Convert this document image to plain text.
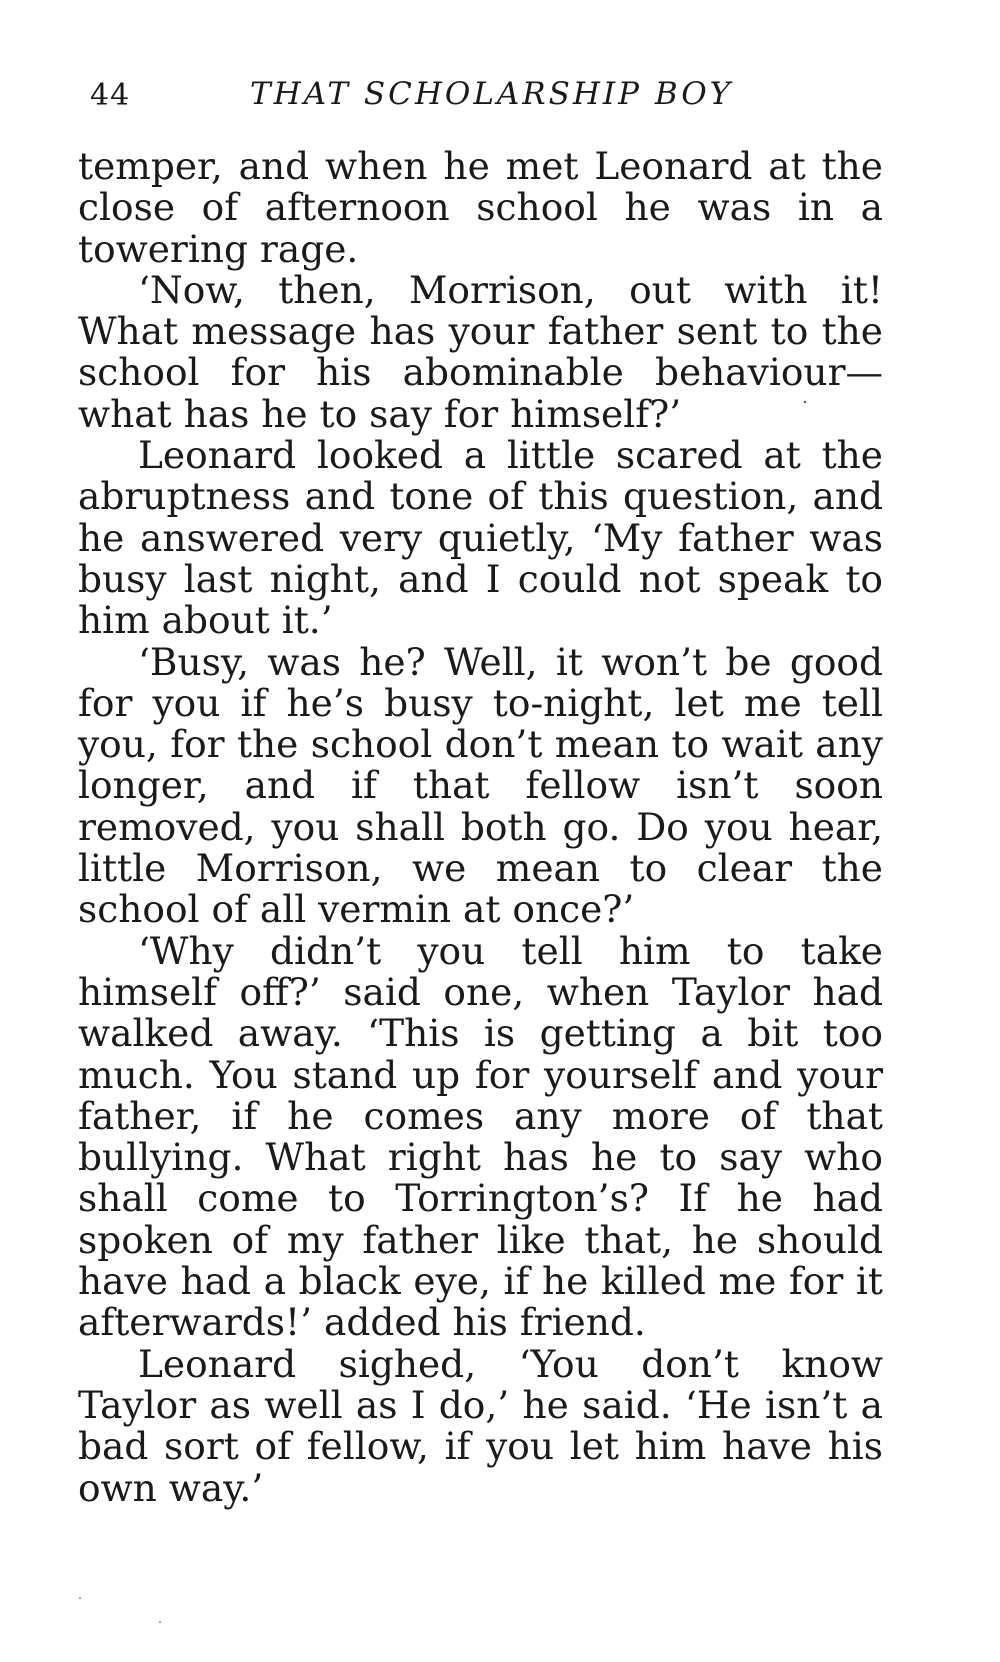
44	THAT SCHOLARSHIP BOY

temper, and when he met Leonard at the close of afternoon school he was in a towering rage.

‘Now, then, Morrison, out with it! What message has your father sent to the school for his abominable behaviour—what has he to say for himself?’

Leonard looked a little scared at the abruptness and tone of this question, and he answered very quietly, ‘My father was busy last night, and I could not speak to him about it.’

‘Busy, was he? Well, it won’t be good for you if he’s busy to-night, let me tell you, for the school don’t mean to wait any longer, and if that fellow isn’t soon removed, you shall both go. Do you hear, little Morrison, we mean to clear the school of all vermin at once?’

‘Why didn’t you tell him to take himself off?’ said one, when Taylor had walked away. ‘This is getting a bit too much. You stand up for yourself and your father, if he comes any more of that bullying. What right has he to say who shall come to Torrington’s? If he had spoken of my father like that, he should have had a black eye, if he killed me for it afterwards!’ added his friend.

Leonard sighed, ‘You don’t know Taylor as well as I do,’ he said. ‘He isn’t a bad sort of fellow, if you let him have his own way.’
